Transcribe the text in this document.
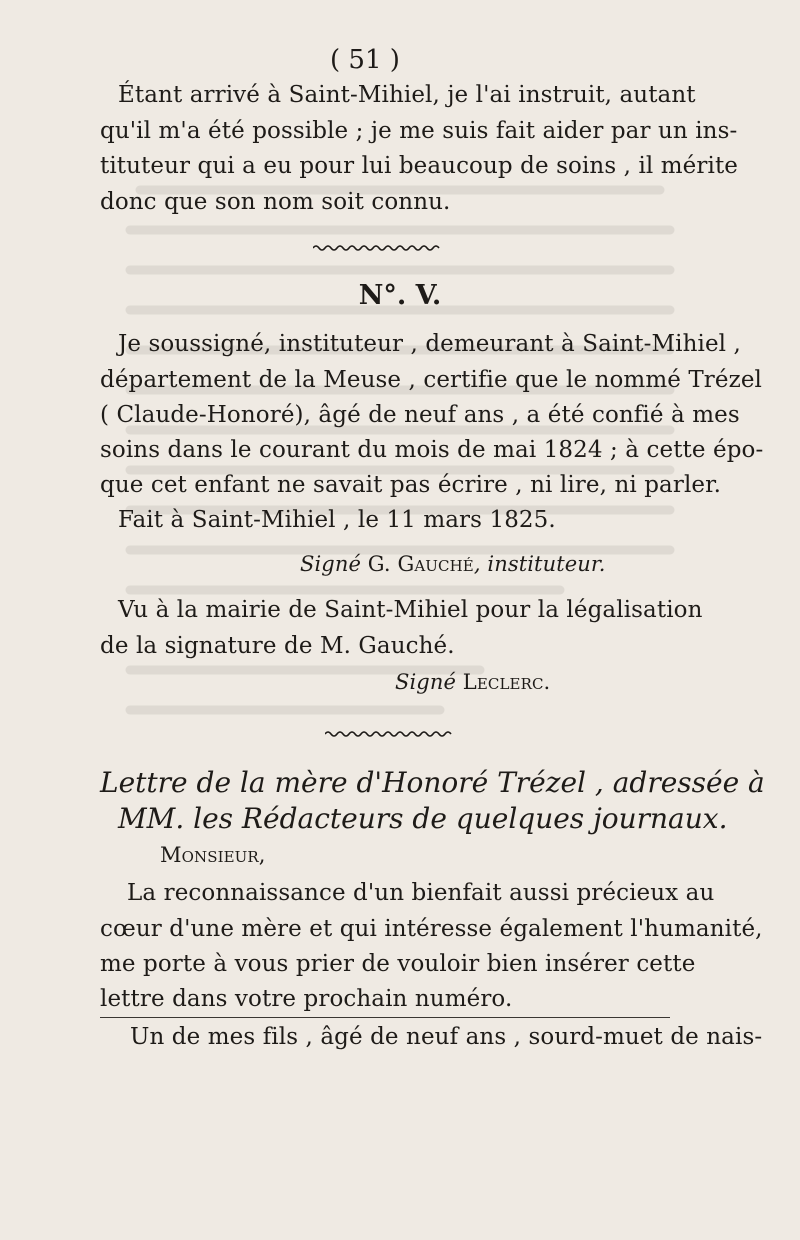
( 51 )
Étant arrivé à Saint-Mihiel, je l'ai instruit, autant
qu'il m'a été possible ; je me suis fait aider par un ins-
tituteur qui a eu pour lui beaucoup de soins , il mérite
donc que son nom soit connu.
N°. V.
Je soussigné, instituteur , demeurant à Saint-Mihiel ,
département de la Meuse , certifie que le nommé Trézel
( Claude-Honoré), âgé de neuf ans , a été confié à mes
soins dans le courant du mois de mai 1824 ; à cette épo-
que cet enfant ne savait pas écrire , ni lire, ni parler.
Fait à Saint-Mihiel , le 11 mars 1825.
Signé G. Gauché, instituteur.
Vu à la mairie de Saint-Mihiel pour la légalisation
de la signature de M. Gauché.
Signé Leclerc.
Lettre de la mère d'Honoré Trézel , adressée à
MM. les Rédacteurs de quelques journaux.
Monsieur,
La reconnaissance d'un bienfait aussi précieux au
cœur d'une mère et qui intéresse également l'humanité,
me porte à vous prier de vouloir bien insérer cette
lettre dans votre prochain numéro.
Un de mes fils , âgé de neuf ans , sourd-muet de nais-
